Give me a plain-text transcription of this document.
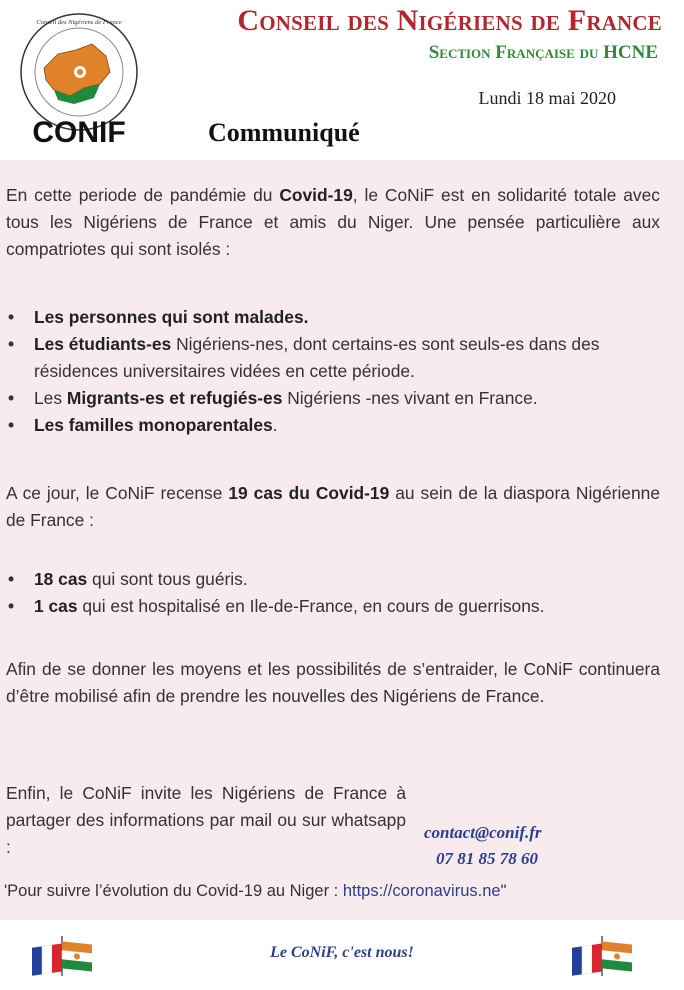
CONIF
Conseil des Nigériens de France	Conseil des Nigériens de France
Section Française du HCNE
Lundi 18 mai 2020
Communiqué
En cette periode de pandémie du Covid-19, le CoNiF est en solidarité totale avec tous les Nigériens de France et amis du Niger. Une pensée particulière aux compatriotes qui sont isolés :
• Les personnes qui sont malades.
• Les étudiants-es Nigériens-nes, dont certains-es sont seuls-es dans des résidences universitaires vidées en cette période.
• Les Migrants-es et refugiés-es Nigériens -nes vivant en France.
• Les familles monoparentales.
A ce jour, le CoNiF recense 19 cas du Covid-19 au sein de la diaspora Nigérienne de France :
• 18 cas qui sont tous guéris.
• 1 cas qui est hospitalisé en Ile-de-France, en cours de guerrisons.
Afin de se donner les moyens et les possibilités de s’entraider, le CoNiF continuera d’être mobilisé afin de prendre les nouvelles des Nigériens de France.
Enfin, le CoNiF invite les Nigériens de France à partager des informations par mail ou sur whatsapp :
contact@conif.fr
07 81 85 78 60
'Pour suivre l’évolution du Covid-19 au Niger : https://coronavirus.ne"
Le CoNiF, c'est nous!
